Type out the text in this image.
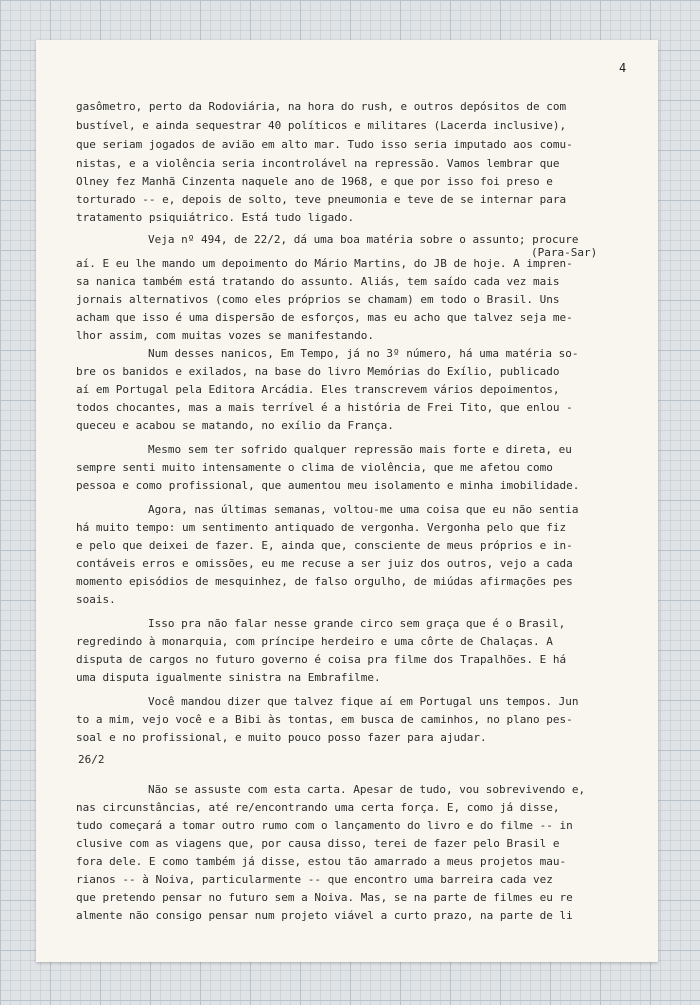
4
(Para-Sar)
gasômetro, perto da Rodoviária, na hora do rush, e outros depósitos de com
bustível, e ainda sequestrar 40 políticos e militares (Lacerda inclusive),
que seriam jogados de avião em alto mar. Tudo isso seria imputado aos comu-
nistas, e a violência seria incontrolável na repressão. Vamos lembrar que
Olney fez Manhã Cinzenta naquele ano de 1968, e que por isso foi preso e
torturado -- e, depois de solto, teve pneumonia e teve de se internar para
tratamento psiquiátrico. Está tudo ligado.
Veja nº 494, de 22/2, dá uma boa matéria sobre o assunto; procure
aí. E eu lhe mando um depoimento do Mário Martins, do JB de hoje. A impren-
sa nanica também está tratando do assunto. Aliás, tem saído cada vez mais
jornais alternativos (como eles próprios se chamam) em todo o Brasil. Uns
acham que isso é uma dispersão de esforços, mas eu acho que talvez seja me-
lhor assim, com muitas vozes se manifestando.
Num desses nanicos, Em Tempo, já no 3º número, há uma matéria so-
bre os banidos e exilados, na base do livro Memórias do Exílio, publicado
aí em Portugal pela Editora Arcádia. Eles transcrevem vários depoimentos,
todos chocantes, mas a mais terrível é a história de Frei Tito, que enlou -
queceu e acabou se matando, no exílio da França.
Mesmo sem ter sofrido qualquer repressão mais forte e direta, eu
sempre senti muito intensamente o clima de violência, que me afetou como
pessoa e como profissional, que aumentou meu isolamento e minha imobilidade.
Agora, nas últimas semanas, voltou-me uma coisa que eu não sentia
há muito tempo: um sentimento antiquado de vergonha. Vergonha pelo que fiz
e pelo que deixei de fazer. E, ainda que, consciente de meus próprios e in-
contáveis erros e omissões, eu me recuse a ser juiz dos outros, vejo a cada
momento episódios de mesquinhez, de falso orgulho, de miúdas afirmações pes
soais.
Isso pra não falar nesse grande circo sem graça que é o Brasil,
regredindo à monarquia, com príncipe herdeiro e uma côrte de Chalaças. A
disputa de cargos no futuro governo é coisa pra filme dos Trapalhões. E há
uma disputa igualmente sinistra na Embrafilme.
Você mandou dizer que talvez fique aí em Portugal uns tempos. Jun
to a mim, vejo você e a Bibi às tontas, em busca de caminhos, no plano pes-
soal e no profissional, e muito pouco posso fazer para ajudar.
26/2
Não se assuste com esta carta. Apesar de tudo, vou sobrevivendo e,
nas circunstâncias, até re/encontrando uma certa força. E, como já disse,
tudo começará a tomar outro rumo com o lançamento do livro e do filme -- in
clusive com as viagens que, por causa disso, terei de fazer pelo Brasil e
fora dele. E como também já disse, estou tão amarrado a meus projetos mau-
rianos -- à Noiva, particularmente -- que encontro uma barreira cada vez
que pretendo pensar no futuro sem a Noiva. Mas, se na parte de filmes eu re
almente não consigo pensar num projeto viável a curto prazo, na parte de li
